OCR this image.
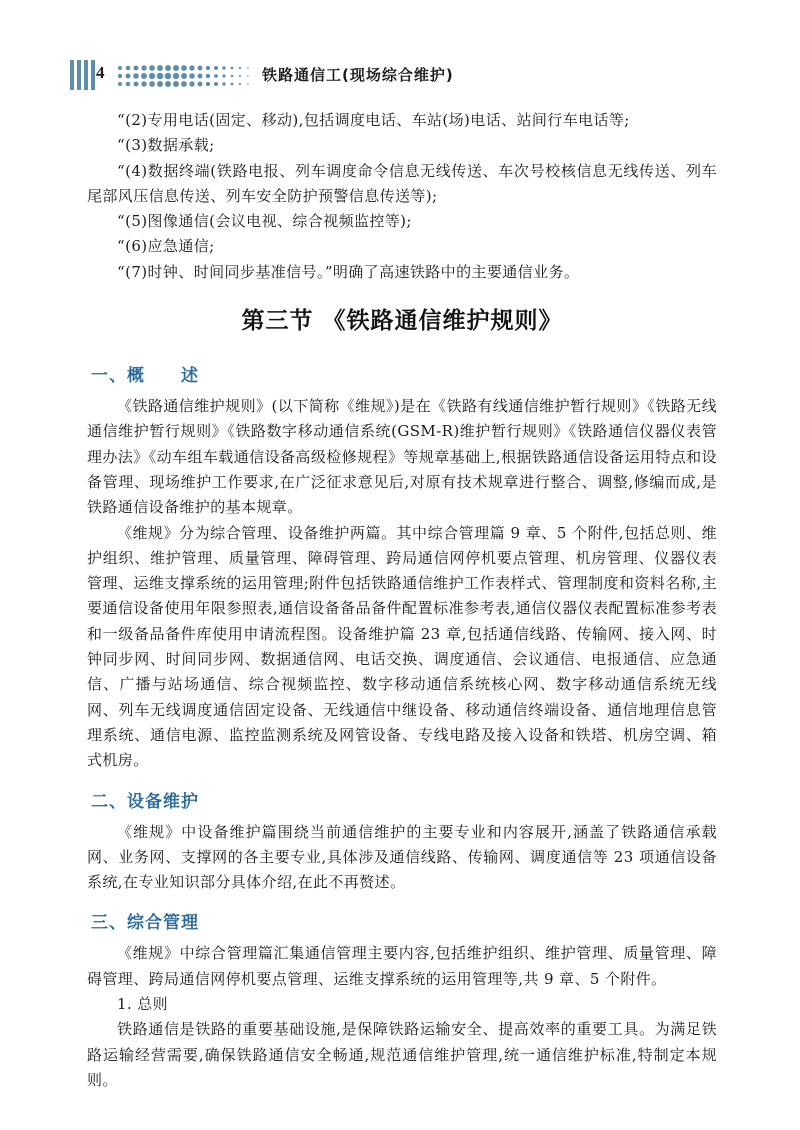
4	铁路通信工(现场综合维护)

“(2)专用电话(固定、移动),包括调度电话、车站(场)电话、站间行车电话等;

“(3)数据承载;

“(4)数据终端(铁路电报、列车调度命令信息无线传送、车次号校核信息无线传送、列车尾部风压信息传送、列车安全防护预警信息传送等);

“(5)图像通信(会议电视、综合视频监控等);

“(6)应急通信;

“(7)时钟、时间同步基准信号。”明确了高速铁路中的主要通信业务。

第三节 《铁路通信维护规则》
一、概　　述

《铁路通信维护规则》(以下简称《维规》)是在《铁路有线通信维护暂行规则》《铁路无线通信维护暂行规则》《铁路数字移动通信系统(GSM-R)维护暂行规则》《铁路通信仪器仪表管理办法》《动车组车载通信设备高级检修规程》等规章基础上,根据铁路通信设备运用特点和设备管理、现场维护工作要求,在广泛征求意见后,对原有技术规章进行整合、调整,修编而成,是铁路通信设备维护的基本规章。

《维规》分为综合管理、设备维护两篇。其中综合管理篇 9 章、5 个附件,包括总则、维护组织、维护管理、质量管理、障碍管理、跨局通信网停机要点管理、机房管理、仪器仪表管理、运维支撑系统的运用管理;附件包括铁路通信维护工作表样式、管理制度和资料名称,主要通信设备使用年限参照表,通信设备备品备件配置标准参考表,通信仪器仪表配置标准参考表和一级备品备件库使用申请流程图。设备维护篇 23 章,包括通信线路、传输网、接入网、时钟同步网、时间同步网、数据通信网、电话交换、调度通信、会议通信、电报通信、应急通信、广播与站场通信、综合视频监控、数字移动通信系统核心网、数字移动通信系统无线网、列车无线调度通信固定设备、无线通信中继设备、移动通信终端设备、通信地理信息管理系统、通信电源、监控监测系统及网管设备、专线电路及接入设备和铁塔、机房空调、箱式机房。

二、设备维护

《维规》中设备维护篇围绕当前通信维护的主要专业和内容展开,涵盖了铁路通信承载网、业务网、支撑网的各主要专业,具体涉及通信线路、传输网、调度通信等 23 项通信设备系统,在专业知识部分具体介绍,在此不再赘述。

三、综合管理

《维规》中综合管理篇汇集通信管理主要内容,包括维护组织、维护管理、质量管理、障碍管理、跨局通信网停机要点管理、运维支撑系统的运用管理等,共 9 章、5 个附件。

1. 总则

铁路通信是铁路的重要基础设施,是保障铁路运输安全、提高效率的重要工具。为满足铁路运输经营需要,确保铁路通信安全畅通,规范通信维护管理,统一通信维护标准,特制定本规则。
